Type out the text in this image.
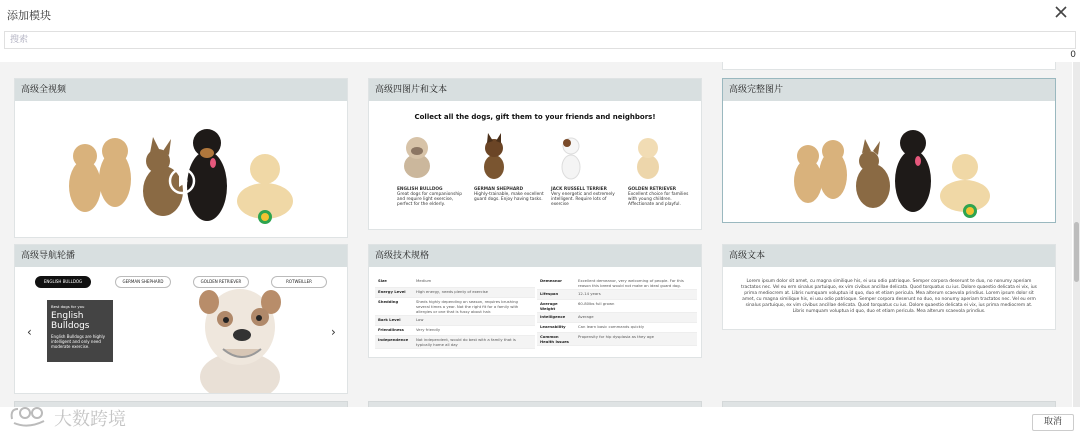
添加模块
搜索
0
高级全视频	高级四图片和文本
Collect all the dogs, gift them to your friends and neighbors!
ENGLISH BULLDOG
Great dogs for companionship and require light exercise, perfect for the elderly.
GERMAN SHEPHARD
Highly-trainable, make excellent guard dogs. Enjoy having tasks.
JACK RUSSELL TERRIER
Very energetic and extremely intelligent. Require lots of exercise
GOLDEN RETRIEVER
Excellent choice for families with young children. Affectionate and playful.
高级完整图片
高级导航轮播
ENGLISH BULLDOG	GERMAN SHEPHARD	GOLDEN RETRIEVER	ROTWEILLER
‹	›
Best dogs for you
English Bulldogs
English Bulldogs are highly intelligent and only need moderate exercise.
高级技术规格
Size	Medium
Energy Level	High energy, needs plenty of exercise
Shedding	Sheds highly depending on season, requires brushing several times a year. Not the right fit for a family with allergies or one that is fussy about hair.
Bark Level	Low
Friendliness	Very friendly
Independence	Not independent, would do best with a family that is typically home all day
Demeanor	Excellent demeanor, very welcoming of people. For this reason this breed would not make an ideal guard dog.
Lifespan	12-14 years
Average Weight	60-80lbs full grown
Intelligence	Average
Learnability	Can learn basic commands quickly
Common Health Issues	Propensity for hip dysplasia as they age
高级文本
Lorem ipsum dolor sit amet, cu magna similique his, ei usu odio patrioque. Semper corpora deserunt te duo, no nonumy aperiam tractatos nec. Vel eu erm sinalus partuiquo, ex vim civibus ancillae delicata. Quod torquatus cu ius. Dolore quaestio delicata ei vix, ius prima mediocrem at. Libris numquam voluptua id quo, duo et etiam pericula. Mea alterum scaevola prindius. Lorem ipsum dolor sit amet, cu magna similique his, ei usu odio patrioque. Semper corpora deserunt no duo, no nonumy aperiam tractatos nec. Vel eu erm sinalus partuiquo, ex vim civibus ancillae delicata. Quod torquatus cu ius. Dolore quaestio delicata ei vix, ius prima mediocrem at. Libris numquam voluptua id quo, duo et etiam pericula. Mea alterum scaevola prindius.
大数跨境	取消
